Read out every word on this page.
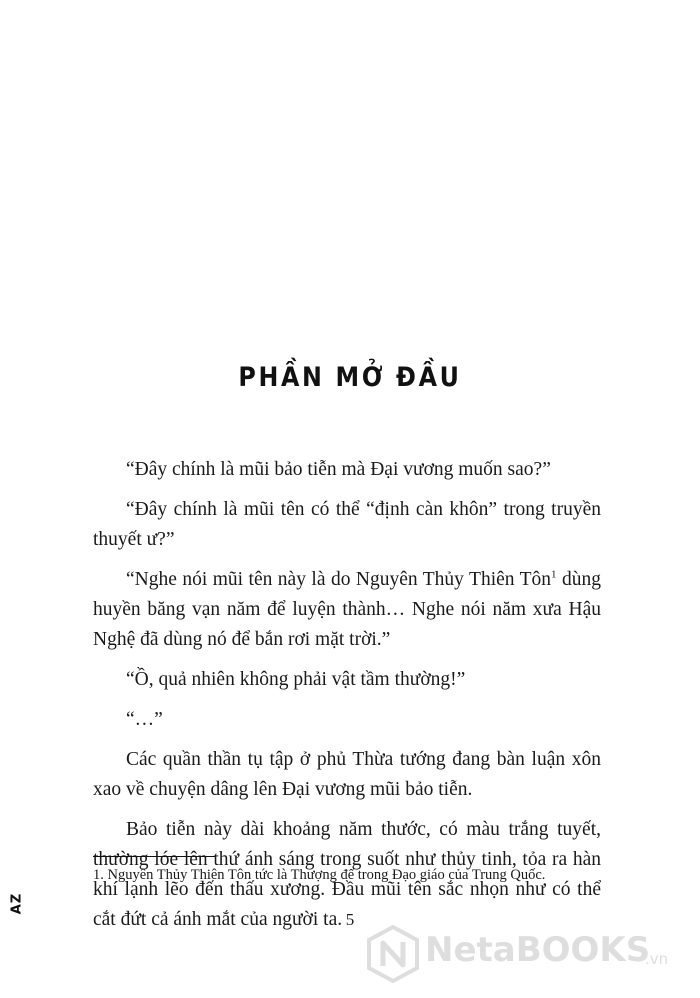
PHẦN MỞ ĐẦU

“Đây chính là mũi bảo tiễn mà Đại vương muốn sao?”

“Đây chính là mũi tên có thể “định càn khôn” trong truyền thuyết ư?”

“Nghe nói mũi tên này là do Nguyên Thủy Thiên Tôn$^1$ dùng huyền băng vạn năm để luyện thành… Nghe nói năm xưa Hậu Nghệ đã dùng nó để bắn rơi mặt trời.”

“Ồ, quả nhiên không phải vật tầm thường!”

“…”

Các quần thần tụ tập ở phủ Thừa tướng đang bàn luận xôn xao về chuyện dâng lên Đại vương mũi bảo tiễn.

Bảo tiễn này dài khoảng năm thước, có màu trắng tuyết, thường lóe lên thứ ánh sáng trong suốt như thủy tinh, tỏa ra hàn khí lạnh lẽo đến thấu xương. Đầu mũi tên sắc nhọn như có thể cắt đứt cả ánh mắt của người ta.

1. Nguyên Thủy Thiên Tôn tức là Thượng đế trong Đạo giáo của Trung Quốc.
5
AZ
NetaBOOKS
.vn
